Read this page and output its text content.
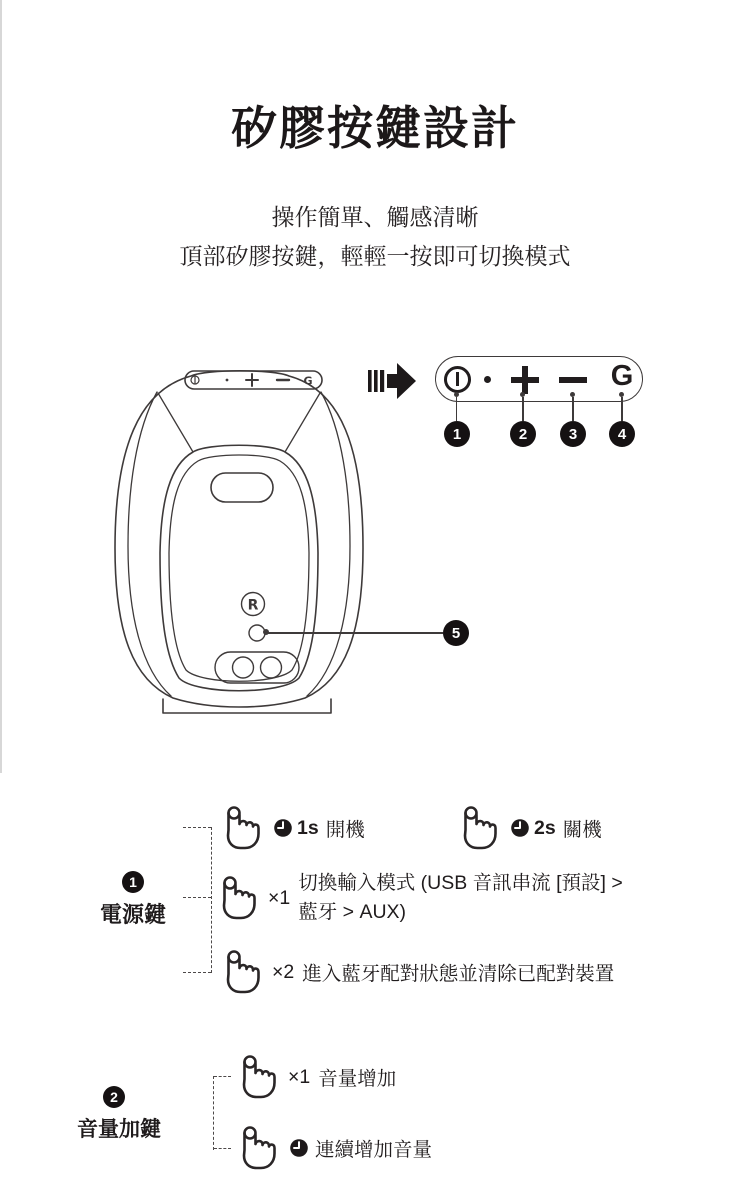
矽膠按鍵設計
操作簡單、觸感清晰
頂部矽膠按鍵，輕輕一按即可切換模式
G
R
G
1	2	3	4
5
1
電源鍵
1s 開機	2s 關機
×1
切換輸入模式 (USB 音訊串流 [預設] >
藍牙 > AUX)
×2 進入藍牙配對狀態並清除已配對裝置
2
音量加鍵
×1 音量增加
連續增加音量
